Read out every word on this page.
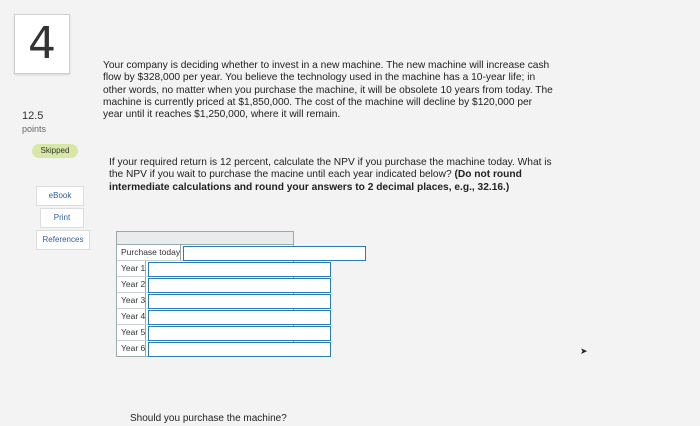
4
12.5
points
Skipped
eBook
Print
References

Your company is deciding whether to invest in a new machine. The new machine will increase cash flow by $328,000 per year. You believe the technology used in the machine has a 10-year life; in other words, no matter when you purchase the machine, it will be obsolete 10 years from today. The machine is currently priced at $1,850,000. The cost of the machine will decline by $120,000 per year until it reaches $1,250,000, where it will remain.

If your required return is 12 percent, calculate the NPV if you purchase the machine today. What is the NPV if you wait to purchase the macine until each year indicated below? (Do not round intermediate calculations and round your answers to 2 decimal places, e.g., 32.16.)

Purchase today
Year 1
Year 2
Year 3
Year 4
Year 5
Year 6	➤
Should you purchase the machine?
